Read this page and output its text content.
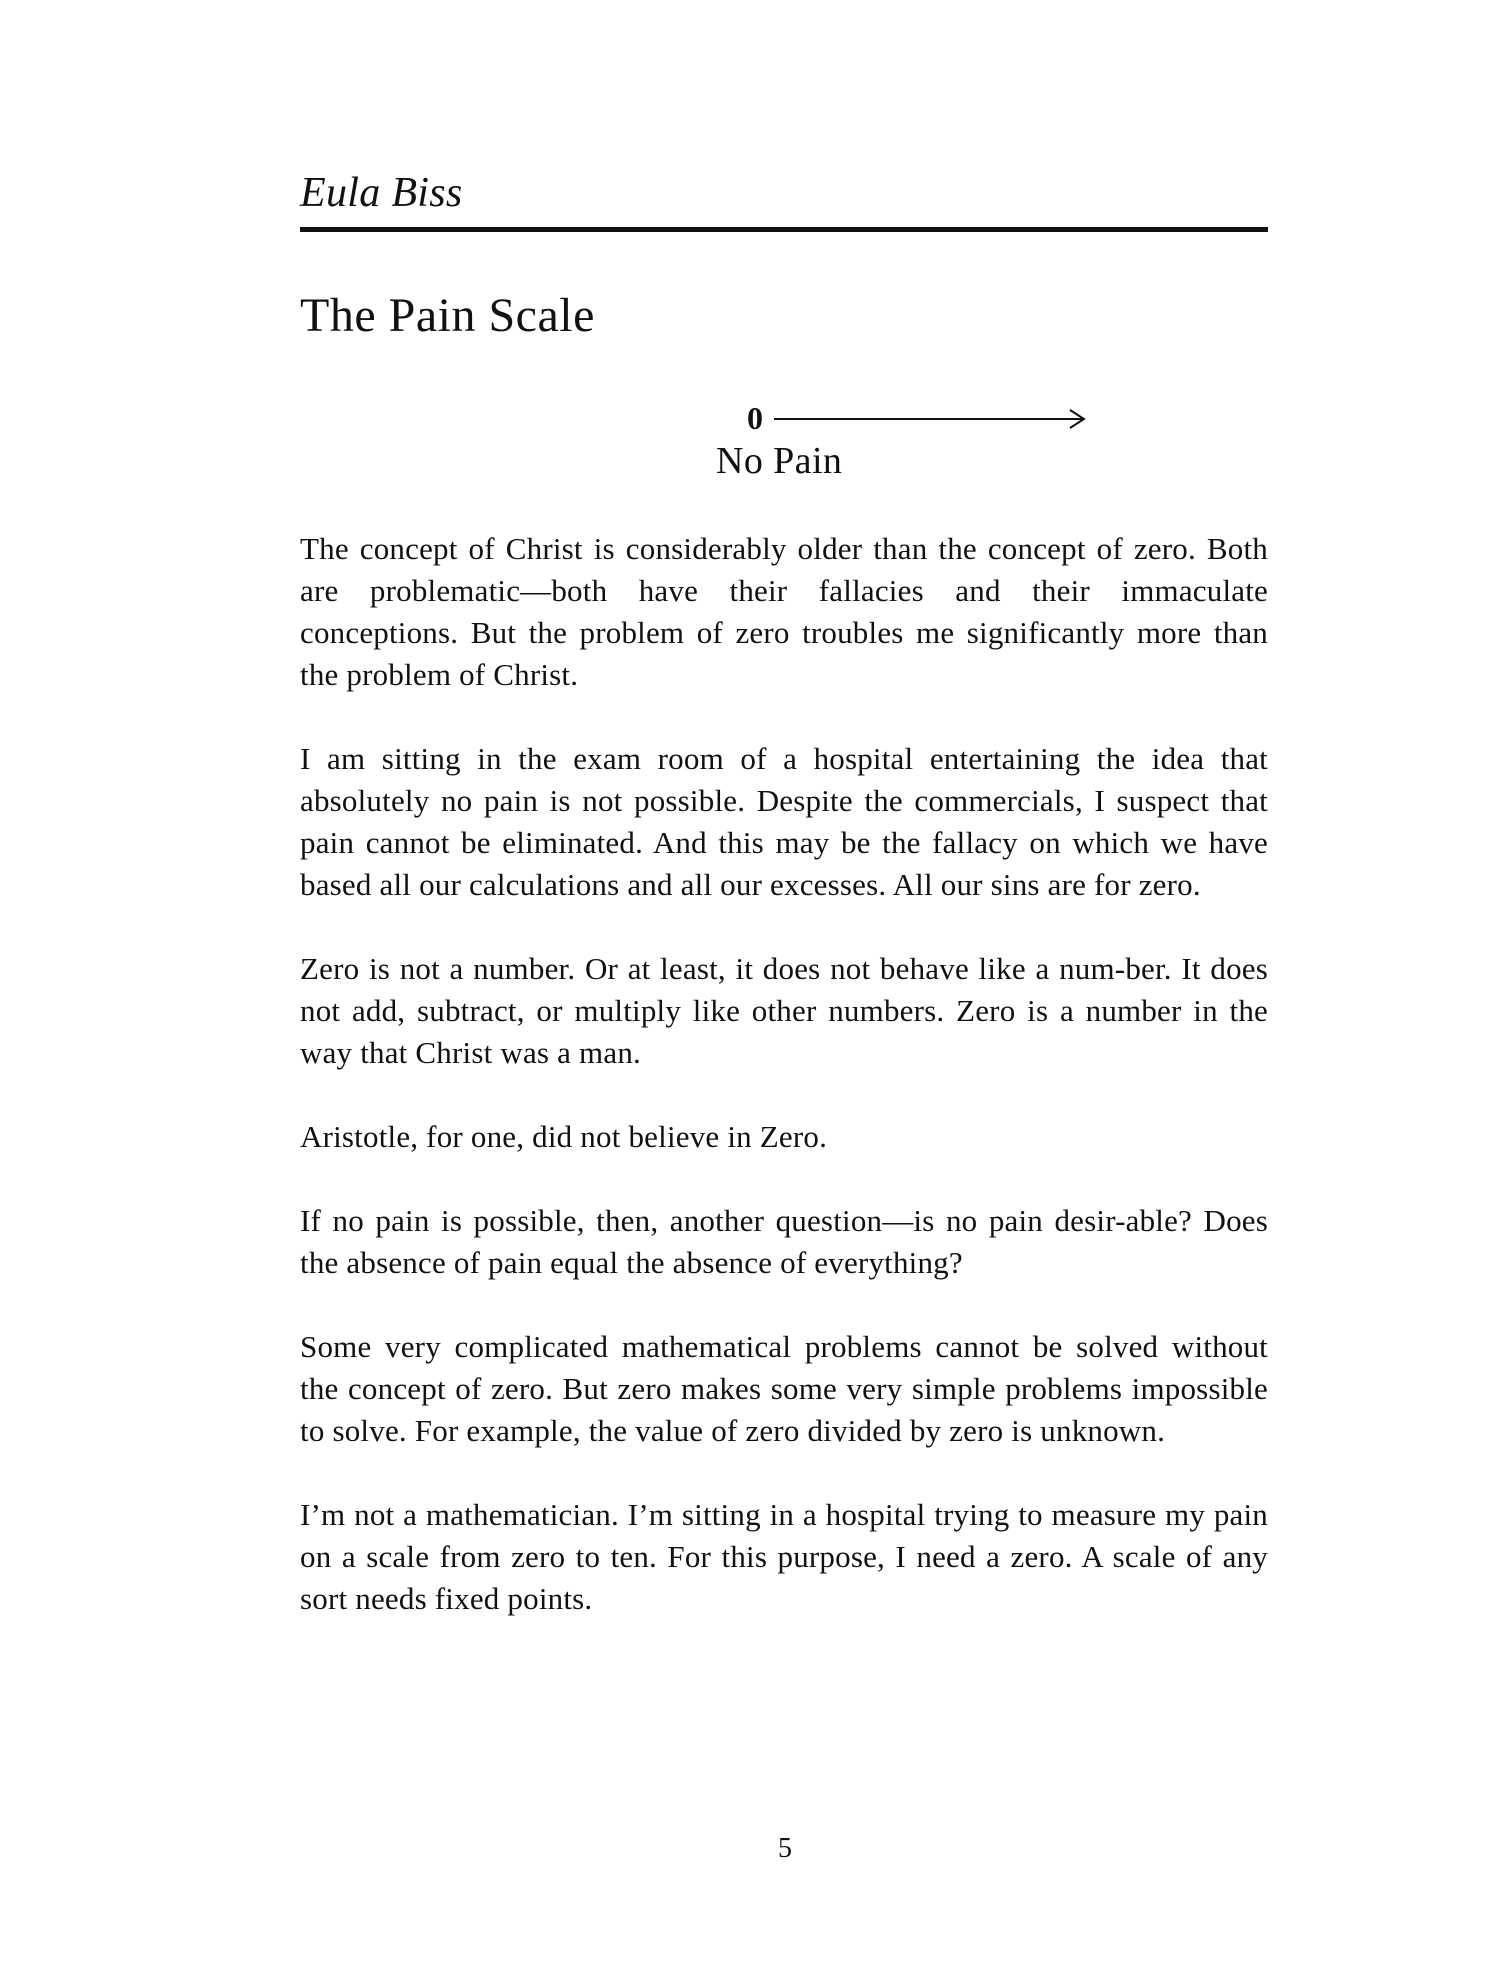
Eula Biss
The Pain Scale
0
No Pain

The concept of Christ is considerably older than the concept of zero. Both are problematic—both have their fallacies and their immaculate conceptions. But the problem of zero troubles me significantly more than the problem of Christ.

I am sitting in the exam room of a hospital entertaining the idea that absolutely no pain is not possible. Despite the commercials, I suspect that pain cannot be eliminated. And this may be the fallacy on which we have based all our calculations and all our excesses. All our sins are for zero.

Zero is not a number. Or at least, it does not behave like a num-ber. It does not add, subtract, or multiply like other numbers. Zero is a number in the way that Christ was a man.

Aristotle, for one, did not believe in Zero.

If no pain is possible, then, another question—is no pain desir-able? Does the absence of pain equal the absence of everything?

Some very complicated mathematical problems cannot be solved without the concept of zero. But zero makes some very simple problems impossible to solve. For example, the value of zero divided by zero is unknown.

I’m not a mathematician. I’m sitting in a hospital trying to measure my pain on a scale from zero to ten. For this purpose, I need a zero. A scale of any sort needs fixed points.

5
